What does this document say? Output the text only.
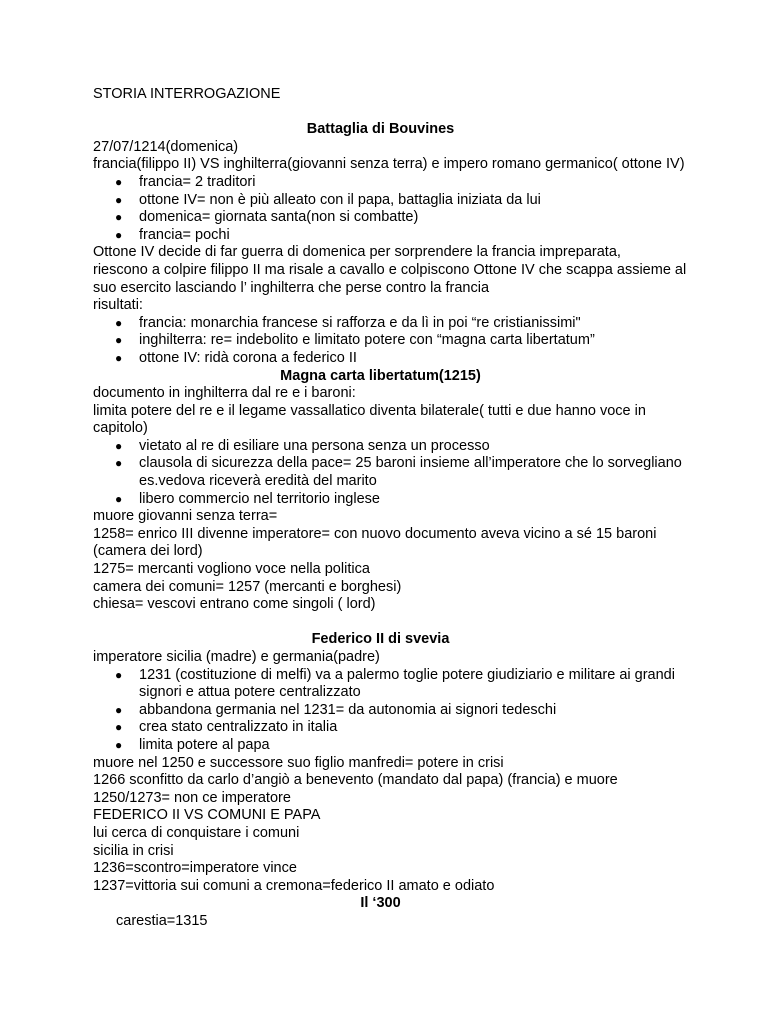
STORIA INTERROGAZIONE

Battaglia di Bouvines

27/07/1214(domenica)

francia(filippo II) VS inghilterra(giovanni senza terra) e impero romano germanico( ottone IV)

● francia= 2 traditori
● ottone IV= non è più alleato con il papa, battaglia iniziata da lui
● domenica= giornata santa(non si combatte)
● francia= pochi

Ottone IV decide di far guerra di domenica per sorprendere la francia impreparata,

riescono a colpire filippo II ma risale a cavallo e colpiscono Ottone IV che scappa assieme al

suo esercito lasciando l’ inghilterra che perse contro la francia

risultati:

● francia: monarchia francese si rafforza e da lì in poi “re cristianissimi"
● inghilterra: re= indebolito e limitato potere con “magna carta libertatum”
● ottone IV: ridà corona a federico II

Magna carta libertatum(1215)

documento in inghilterra dal re e i baroni:

limita potere del re e il legame vassallatico diventa bilaterale( tutti e due hanno voce in

capitolo)

● vietato al re di esiliare una persona senza un processo
● clausola di sicurezza della pace= 25 baroni insieme all’imperatore che lo sorvegliano
es.vedova riceverà eredità del marito
● libero commercio nel territorio inglese

muore giovanni senza terra=

1258= enrico III divenne imperatore= con nuovo documento aveva vicino a sé 15 baroni

(camera dei lord)

1275= mercanti vogliono voce nella politica

camera dei comuni= 1257 (mercanti e borghesi)

chiesa= vescovi entrano come singoli ( lord)

Federico II di svevia

imperatore sicilia (madre) e germania(padre)

● 1231 (costituzione di melfi) va a palermo toglie potere giudiziario e militare ai grandi
signori e attua potere centralizzato
● abbandona germania nel 1231= da autonomia ai signori tedeschi
● crea stato centralizzato in italia
● limita potere al papa

muore nel 1250 e successore suo figlio manfredi= potere in crisi

1266 sconfitto da carlo d’angiò a benevento (mandato dal papa) (francia) e muore

1250/1273= non ce imperatore

FEDERICO II VS COMUNI E PAPA

lui cerca di conquistare i comuni

sicilia in crisi

1236=scontro=imperatore vince

1237=vittoria sui comuni a cremona=federico II amato e odiato

Il ‘300

carestia=1315
